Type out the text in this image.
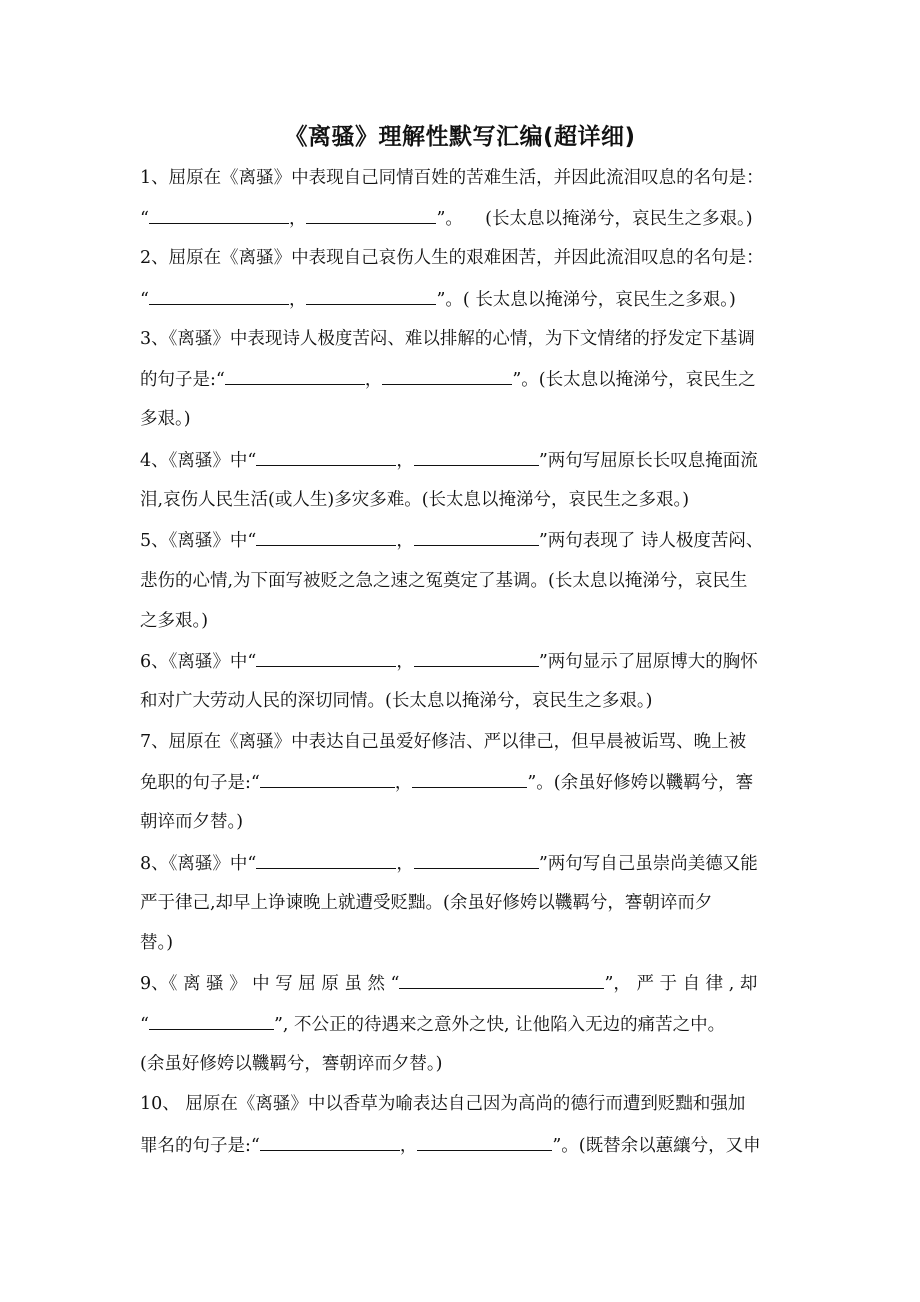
《离骚》理解性默写汇编(超详细)
1、屈原在《离骚》中表现自己同情百姓的苦难生活，并因此流泪叹息的名句是：
“	，	”。 (长太息以掩涕兮，哀民生之多艰。)
2、屈原在《离骚》中表现自己哀伤人生的艰难困苦，并因此流泪叹息的名句是：
“	，	”。( 长太息以掩涕兮，哀民生之多艰。)
3、《离骚》中表现诗人极度苦闷、难以排解的心情，为下文情绪的抒发定下基调
的句子是:“	，	”。(长太息以掩涕兮，哀民生之
多艰。)
4、《离骚》中“	，	”两句写屈原长长叹息掩面流
泪,哀伤人民生活(或人生)多灾多难。(长太息以掩涕兮，哀民生之多艰。)
5、《离骚》中“	，	”两句表现了 诗人极度苦闷、
悲伤的心情,为下面写被贬之急之速之冤奠定了基调。(长太息以掩涕兮，哀民生
之多艰。)
6、《离骚》中“	，	”两句显示了屈原博大的胸怀
和对广大劳动人民的深切同情。(长太息以掩涕兮，哀民生之多艰。)
7、屈原在《离骚》中表达自己虽爱好修洁、严以律己，但早晨被诟骂、晚上被
免职的句子是:“	，	”。(余虽好修姱以鞿羁兮，謇
朝谇而夕替。)
8、《离骚》中“	，	”两句写自己虽崇尚美德又能
严于律己,却早上诤谏晚上就遭受贬黜。(余虽好修姱以鞿羁兮，謇朝谇而夕
替。)
9、《 离 骚 》 中 写 屈 原 虽 然 “	”， 严 于 自 律 , 却
“	”, 不公正的待遇来之意外之快, 让他陷入无边的痛苦之中。
(余虽好修姱以鞿羁兮，謇朝谇而夕替。)
10、 屈原在《离骚》中以香草为喻表达自己因为高尚的德行而遭到贬黜和强加
罪名的句子是:“	，	”。(既替余以蕙纕兮，又申
